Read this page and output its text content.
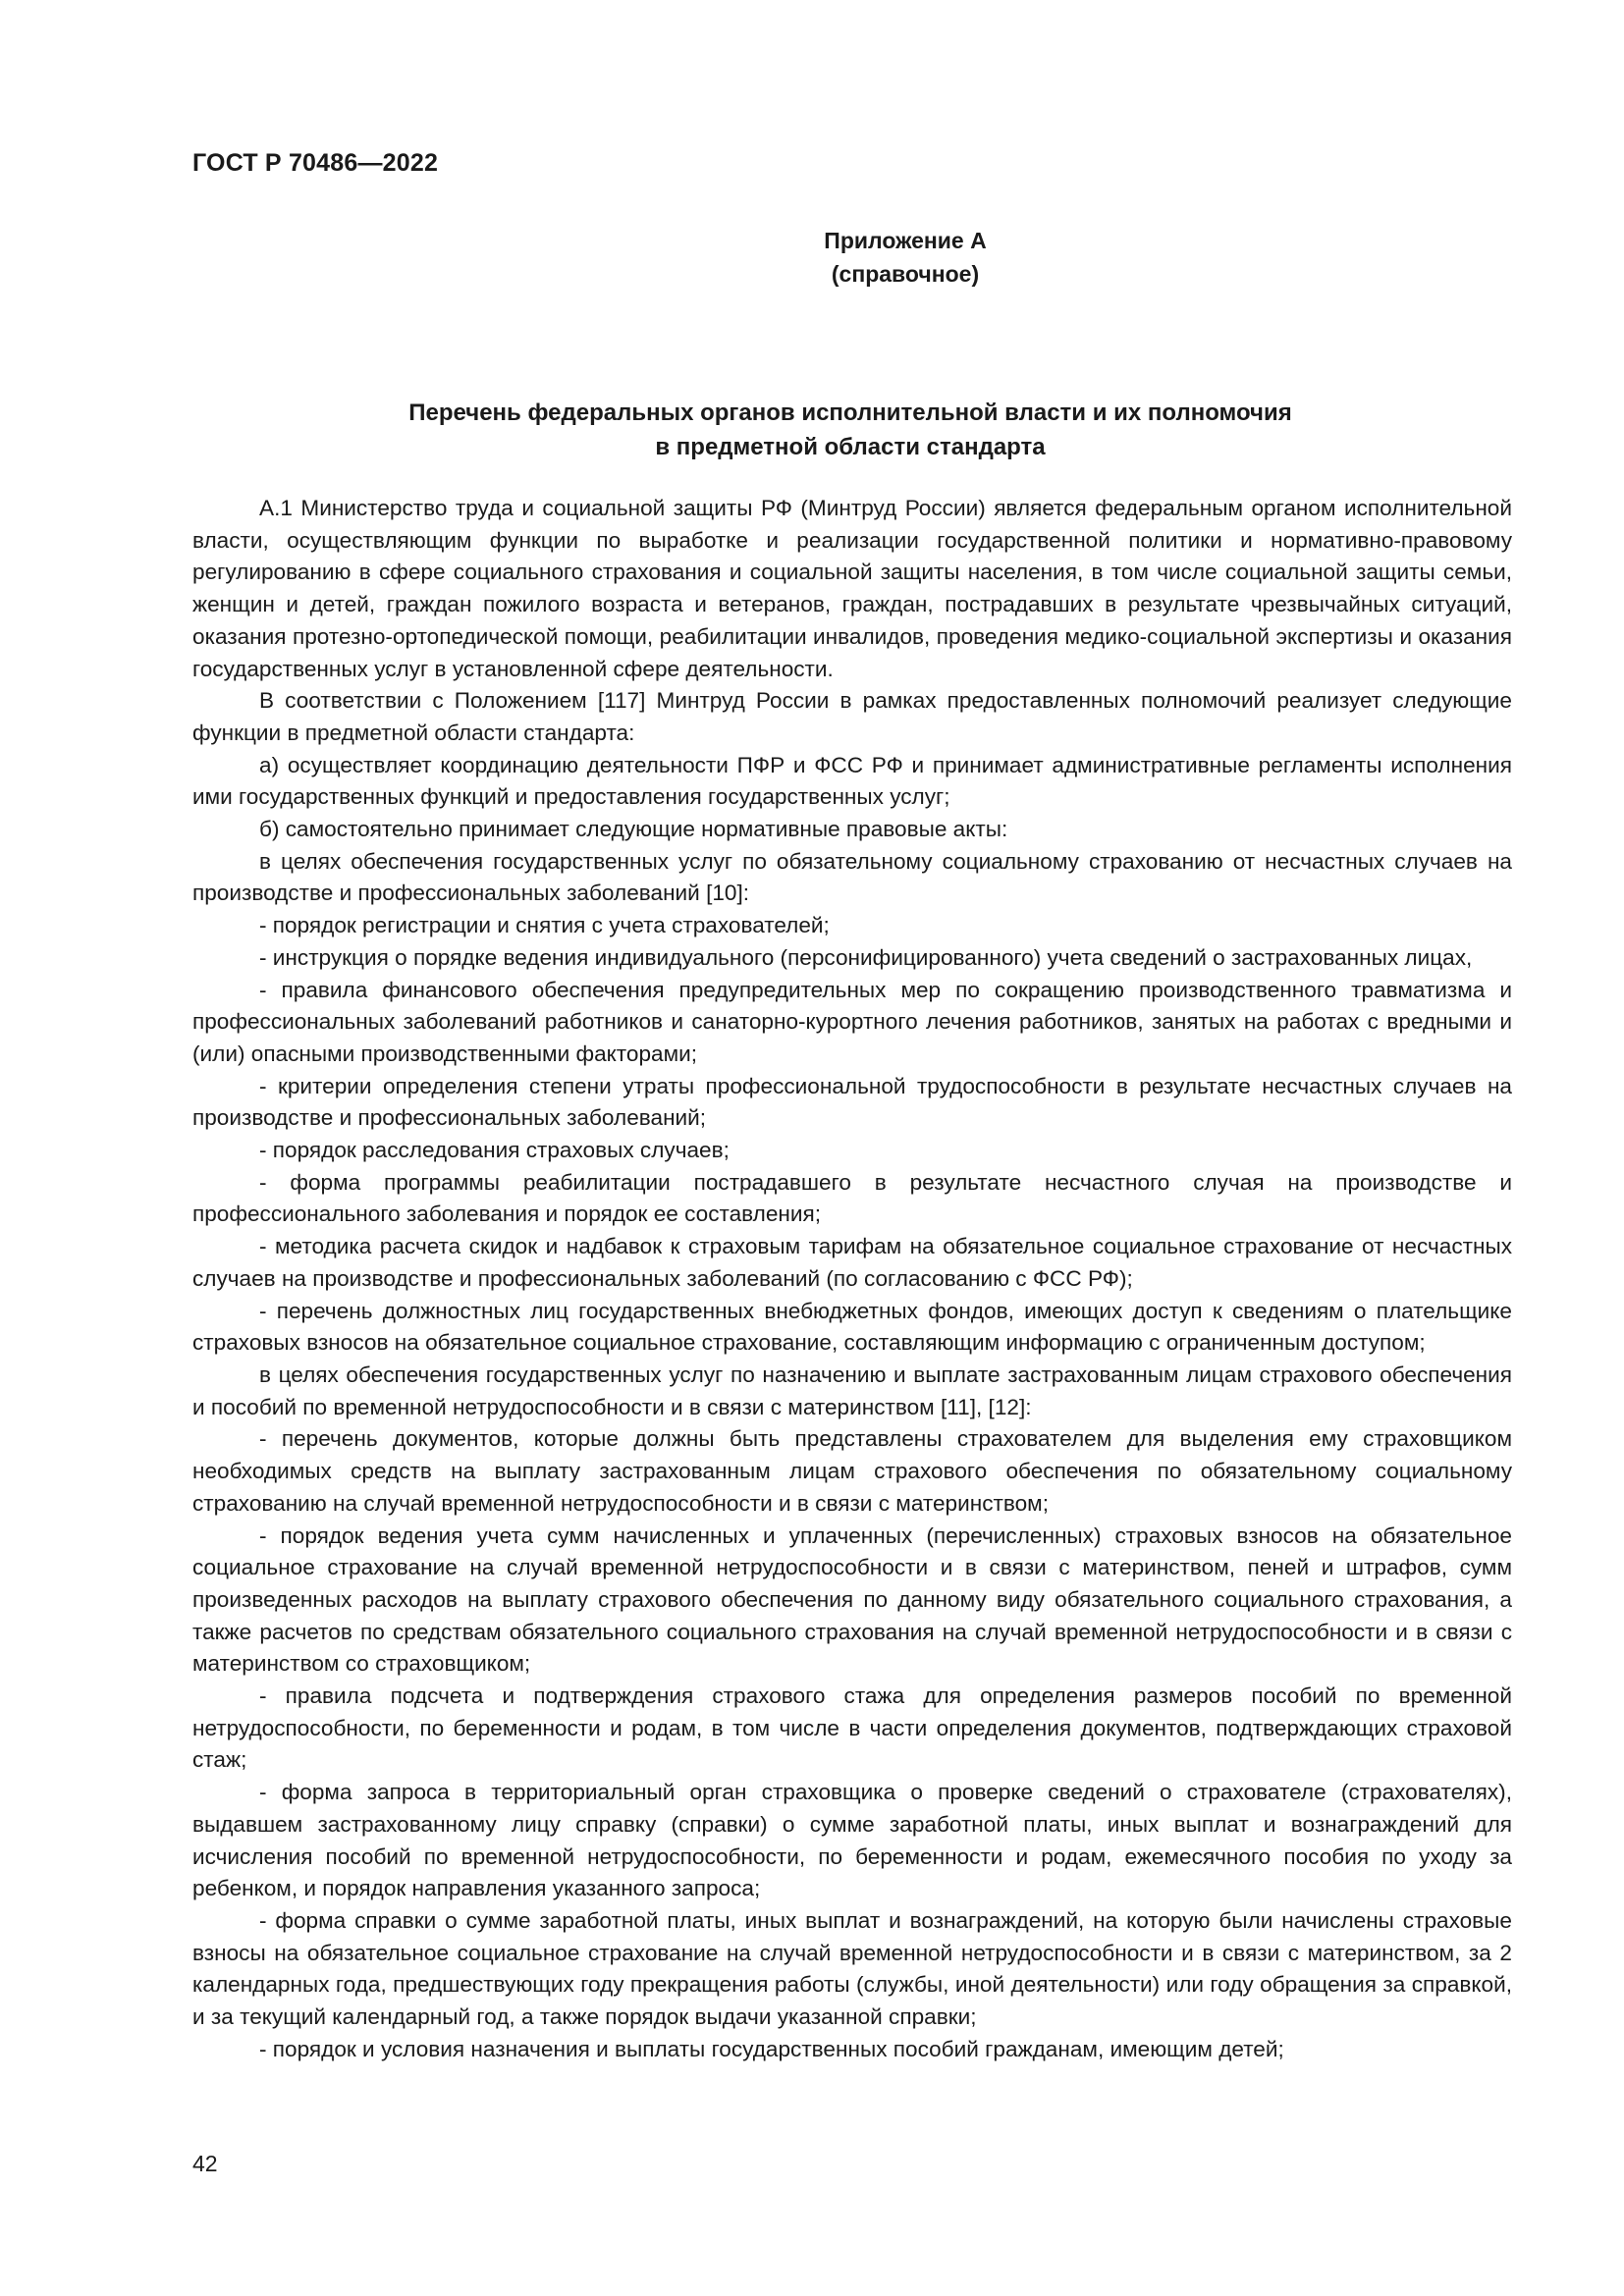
ГОСТ Р 70486—2022
Приложение А
(справочное)
Перечень федеральных органов исполнительной власти и их полномочия
в предметной области стандарта

А.1 Министерство труда и социальной защиты РФ (Минтруд России) является федеральным органом исполнительной власти, осуществляющим функции по выработке и реализации государственной политики и нормативно-правовому регулированию в сфере социального страхования и социальной защиты населения, в том числе социальной защиты семьи, женщин и детей, граждан пожилого возраста и ветеранов, граждан, пострадавших в результате чрезвычайных ситуаций, оказания протезно-ортопедической помощи, реабилитации инвалидов, проведения медико-социальной экспертизы и оказания государственных услуг в установленной сфере деятельности.

В соответствии с Положением [117] Минтруд России в рамках предоставленных полномочий реализует следующие функции в предметной области стандарта:

а) осуществляет координацию деятельности ПФР и ФСС РФ и принимает административные регламенты исполнения ими государственных функций и предоставления государственных услуг;

б) самостоятельно принимает следующие нормативные правовые акты:

в целях обеспечения государственных услуг по обязательному социальному страхованию от несчастных случаев на производстве и профессиональных заболеваний [10]:

- порядок регистрации и снятия с учета страхователей;

- инструкция о порядке ведения индивидуального (персонифицированного) учета сведений о застрахованных лицах,

- правила финансового обеспечения предупредительных мер по сокращению производственного травматизма и профессиональных заболеваний работников и санаторно-курортного лечения работников, занятых на работах с вредными и (или) опасными производственными факторами;

- критерии определения степени утраты профессиональной трудоспособности в результате несчастных случаев на производстве и профессиональных заболеваний;

- порядок расследования страховых случаев;

- форма программы реабилитации пострадавшего в результате несчастного случая на производстве и профессионального заболевания и порядок ее составления;

- методика расчета скидок и надбавок к страховым тарифам на обязательное социальное страхование от несчастных случаев на производстве и профессиональных заболеваний (по согласованию с ФСС РФ);

- перечень должностных лиц государственных внебюджетных фондов, имеющих доступ к сведениям о плательщике страховых взносов на обязательное социальное страхование, составляющим информацию с ограниченным доступом;

в целях обеспечения государственных услуг по назначению и выплате застрахованным лицам страхового обеспечения и пособий по временной нетрудоспособности и в связи с материнством [11], [12]:

- перечень документов, которые должны быть представлены страхователем для выделения ему страховщиком необходимых средств на выплату застрахованным лицам страхового обеспечения по обязательному социальному страхованию на случай временной нетрудоспособности и в связи с материнством;

- порядок ведения учета сумм начисленных и уплаченных (перечисленных) страховых взносов на обязательное социальное страхование на случай временной нетрудоспособности и в связи с материнством, пеней и штрафов, сумм произведенных расходов на выплату страхового обеспечения по данному виду обязательного социального страхования, а также расчетов по средствам обязательного социального страхования на случай временной нетрудоспособности и в связи с материнством со страховщиком;

- правила подсчета и подтверждения страхового стажа для определения размеров пособий по временной нетрудоспособности, по беременности и родам, в том числе в части определения документов, подтверждающих страховой стаж;

- форма запроса в территориальный орган страховщика о проверке сведений о страхователе (страхователях), выдавшем застрахованному лицу справку (справки) о сумме заработной платы, иных выплат и вознаграждений для исчисления пособий по временной нетрудоспособности, по беременности и родам, ежемесячного пособия по уходу за ребенком, и порядок направления указанного запроса;

- форма справки о сумме заработной платы, иных выплат и вознаграждений, на которую были начислены страховые взносы на обязательное социальное страхование на случай временной нетрудоспособности и в связи с материнством, за 2 календарных года, предшествующих году прекращения работы (службы, иной деятельности) или году обращения за справкой, и за текущий календарный год, а также порядок выдачи указанной справки;

- порядок и условия назначения и выплаты государственных пособий гражданам, имеющим детей;

42
